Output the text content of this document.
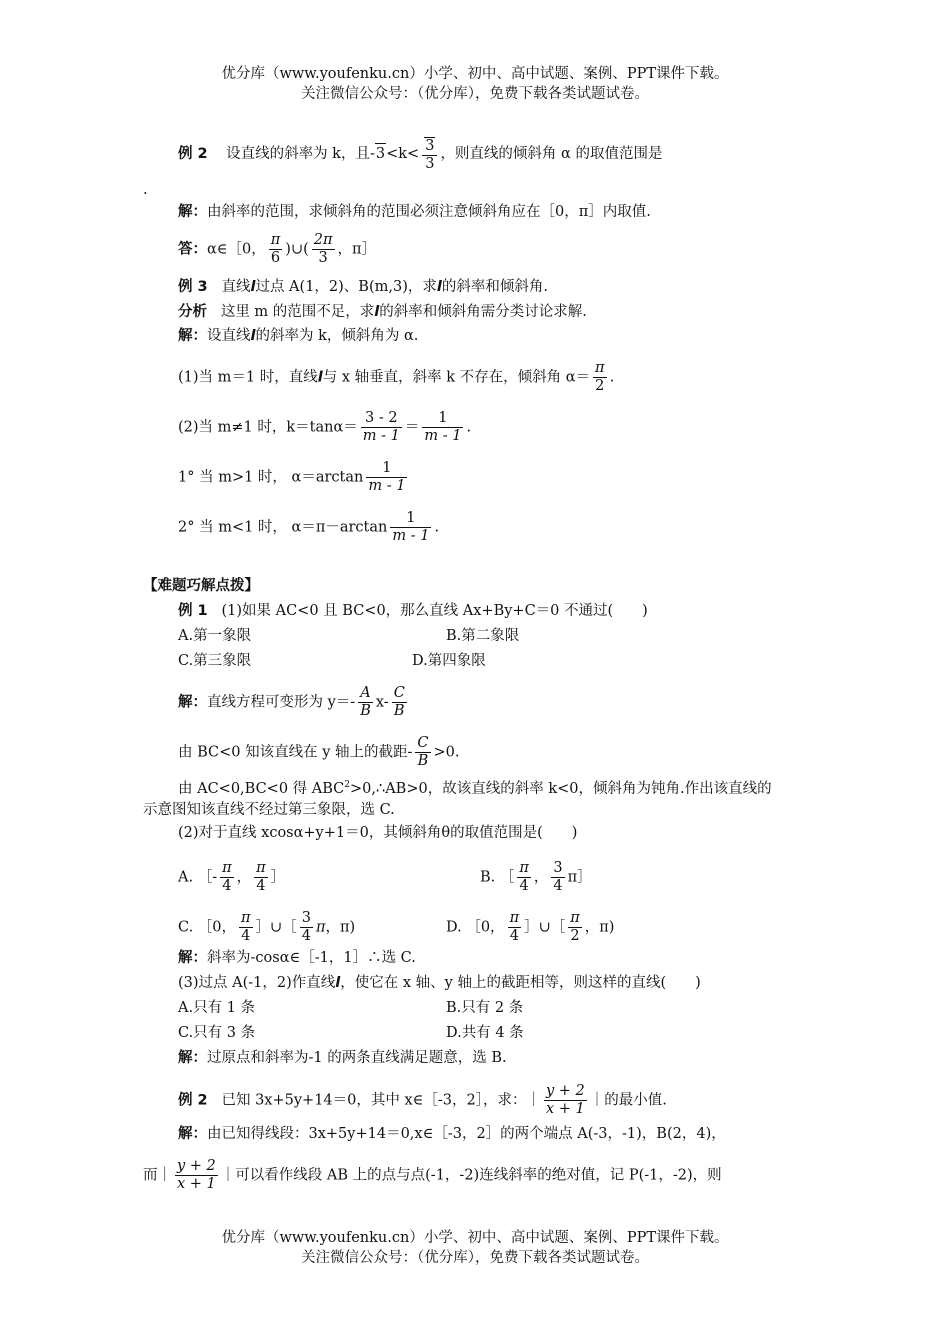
优分库（www.youfenku.cn）小学、初中、高中试题、案例、PPT课件下载。
关注微信公众号：（优分库），免费下载各类试题试卷。
例 2 设直线的斜率为 k，且$-3<k< \frac{3}{3}$ ，则直线的倾斜角 α 的取值范围是
.
解：由斜率的范围，求倾斜角的范围必须注意倾斜角应在［0，π］内取值.
答：α∈［0， $\frac{\pi}{6}$ )∪( $\frac{2\pi}{3}$ ，π］
例 3 直线l过点 A(1，2)、B(m,3)，求l的斜率和倾斜角.
分析 这里 m 的范围不足，求l的斜率和倾斜角需分类讨论求解.
解：设直线l的斜率为 k，倾斜角为 α.
(1)当 m＝1 时，直线l与 x 轴垂直，斜率 k 不存在，倾斜角 $\alpha= \frac{\pi}{2}$ .
(2)当 m≠1 时，$k=\tan\alpha= \frac{3 - 2}{m - 1} = \frac{1}{m - 1}$ .
1° 当 m>1 时， $\alpha=\arctan \frac{1}{m - 1}$
2° 当 m<1 时， $\alpha=\pi-\arctan \frac{1}{m - 1}$ .
【难题巧解点拨】
例 1 (1)如果 AC<0 且 BC<0，那么直线 Ax+By+C＝0 不通过(　　)
A.第一象限	B.第二象限
C.第三象限	D.第四象限
解：直线方程可变形为 $y=- \frac{A}{B} x- \frac{C}{B}$
由 BC<0 知该直线在 y 轴上的截距- $\frac{C}{B} >0$.
由 AC<0,BC<0 得 $ABC^2>0,\therefore AB>0$，故该直线的斜率 k<0，倾斜角为钝角.作出该直线的
示意图知该直线不经过第三象限，选 C.
(2)对于直线 xcosα+y+1＝0，其倾斜角θ的取值范围是(　　)
A. ［- $\frac{\pi}{4}$ ， $\frac{\pi}{4}$ ］	B. ［ $\frac{\pi}{4}$ ， $\frac{3}{4}$ π］
C. ［0， $\frac{\pi}{4}$ ］∪［ $\frac{3}{4}$ π，π)	D. ［0， $\frac{\pi}{4}$ ］∪［ $\frac{\pi}{2}$ ，π)
解：斜率为-cosα∈［-1，1］∴选 C.
(3)过点 A(-1，2)作直线l，使它在 x 轴、y 轴上的截距相等，则这样的直线(　　)
A.只有 1 条	B.只有 2 条
C.只有 3 条	D.共有 4 条
解：过原点和斜率为-1 的两条直线满足题意，选 B.
例 2 已知 3x+5y+14＝0，其中 x∈［-3，2］，求：｜ $\frac{y + 2}{x + 1}$ ｜的最小值.
解：由已知得线段：3x+5y+14＝0,x∈［-3，2］的两个端点 A(-3，-1)，B(2，4)，
而｜ $\frac{y + 2}{x + 1}$ ｜可以看作线段 AB 上的点与点(-1，-2)连线斜率的绝对值，记 P(-1，-2)，则
优分库（www.youfenku.cn）小学、初中、高中试题、案例、PPT课件下载。
关注微信公众号：（优分库），免费下载各类试题试卷。
